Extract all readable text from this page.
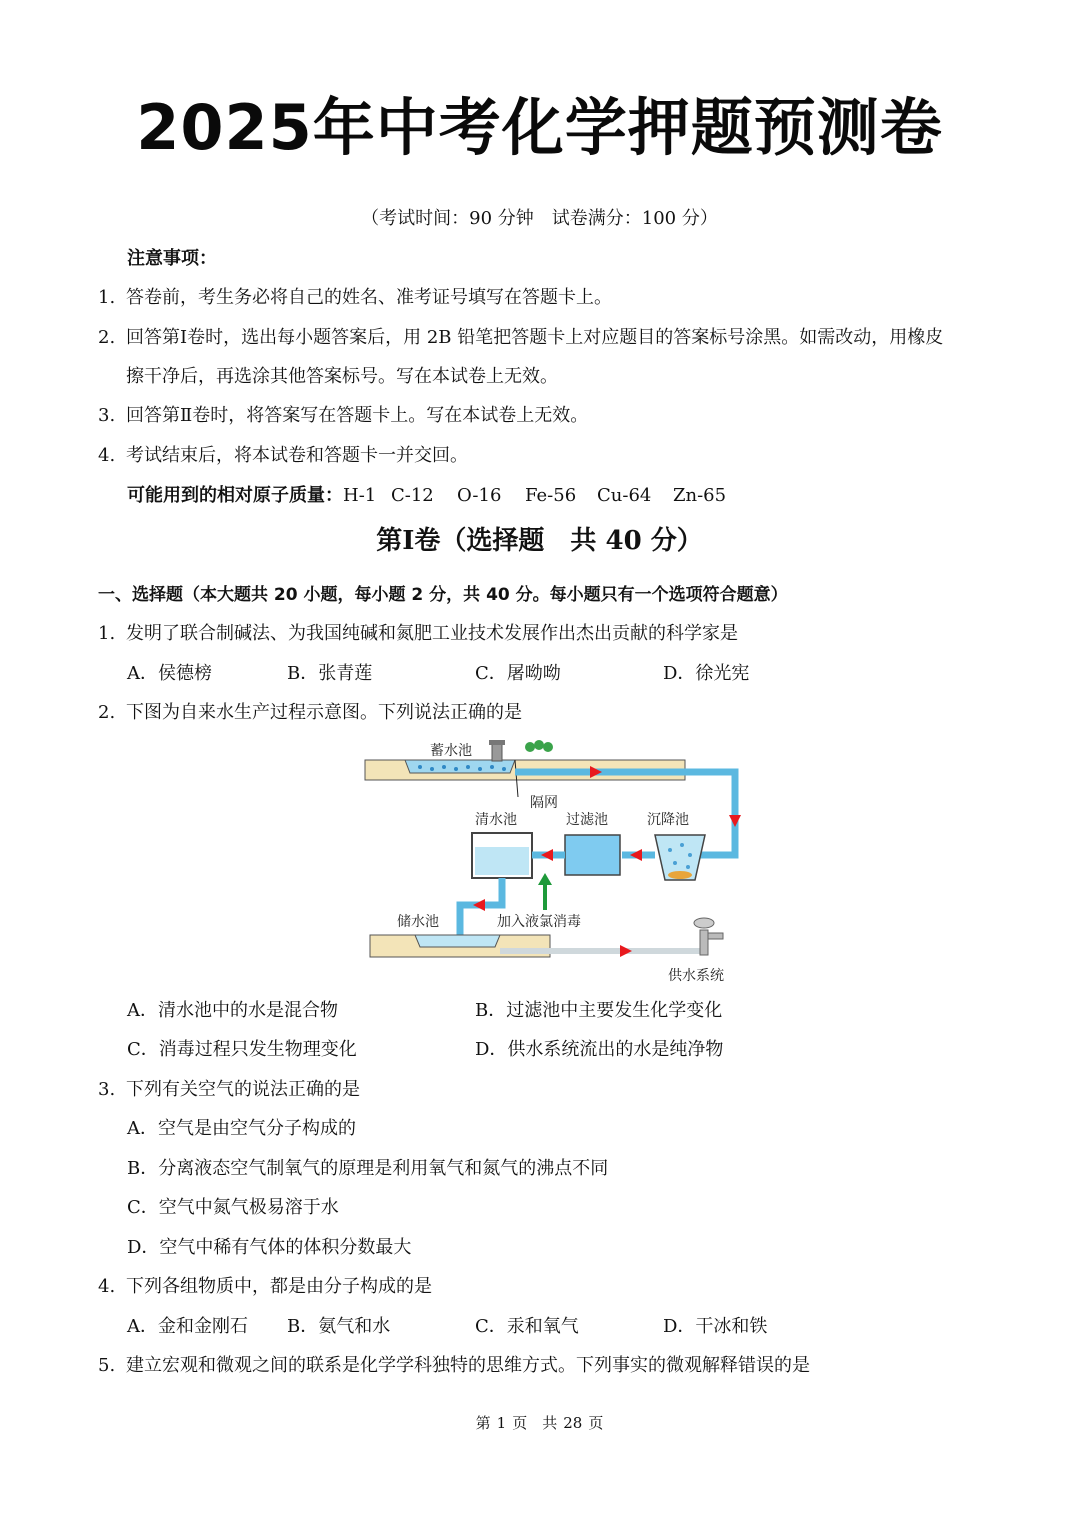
2025年中考化学押题预测卷
（考试时间：90 分钟　试卷满分：100 分）
注意事项：
1. 答卷前，考生务必将自己的姓名、准考证号填写在答题卡上。
2. 回答第Ⅰ卷时，选出每小题答案后，用 2B 铅笔把答题卡上对应题目的答案标号涂黑。如需改动，用橡皮
擦干净后，再选涂其他答案标号。写在本试卷上无效。
3. 回答第Ⅱ卷时，将答案写在答题卡上。写在本试卷上无效。
4. 考试结束后，将本试卷和答题卡一并交回。
可能用到的相对原子质量：H-1 C-12 O-16 Fe-56 Cu-64 Zn-65
第Ⅰ卷（选择题　共 40 分）
一、选择题（本大题共 20 小题，每小题 2 分，共 40 分。每小题只有一个选项符合题意）
1. 发明了联合制碱法、为我国纯碱和氮肥工业技术发展作出杰出贡献的科学家是
A．侯德榜	B．张青莲	C．屠呦呦	D．徐光宪
2. 下图为自来水生产过程示意图。下列说法正确的是
蓄水池
隔网
清水池	过滤池	沉降池
储水池	加入液氯消毒
供水系统
A．清水池中的水是混合物	B．过滤池中主要发生化学变化
C．消毒过程只发生物理变化	D．供水系统流出的水是纯净物
3. 下列有关空气的说法正确的是
A．空气是由空气分子构成的
B．分离液态空气制氧气的原理是利用氧气和氮气的沸点不同
C．空气中氮气极易溶于水
D．空气中稀有气体的体积分数最大
4. 下列各组物质中，都是由分子构成的是
A．金和金刚石 B．氨气和水	C．汞和氧气	D．干冰和铁
5. 建立宏观和微观之间的联系是化学学科独特的思维方式。下列事实的微观解释错误的是
第 1 页　共 28 页
